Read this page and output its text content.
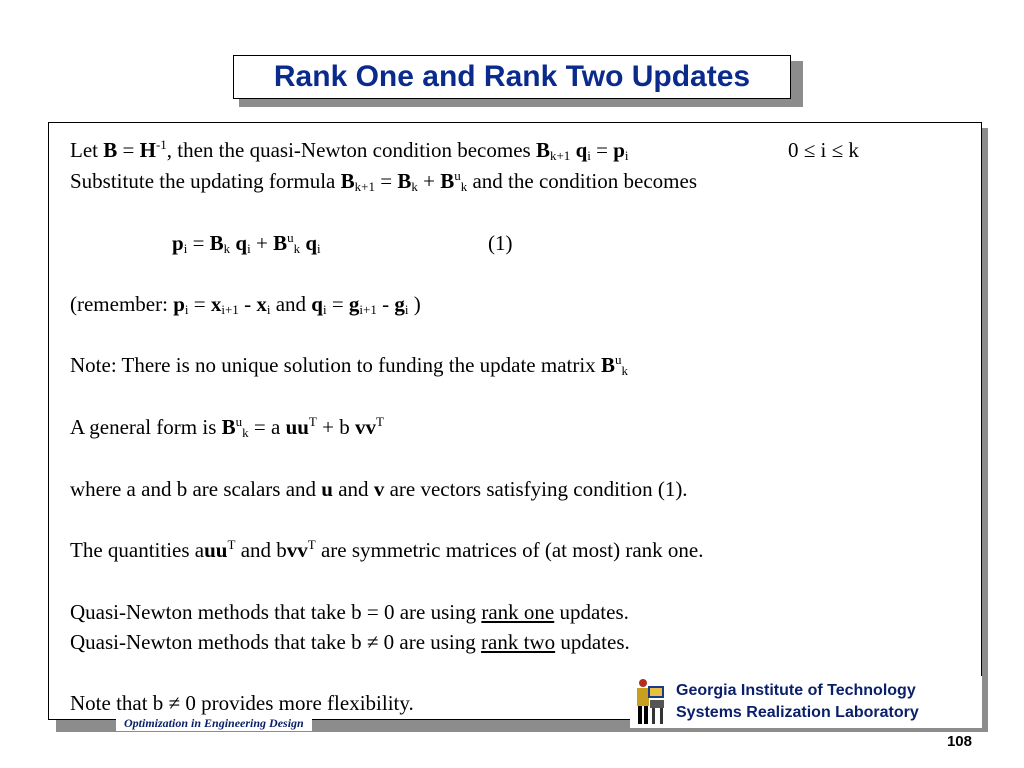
Rank One and Rank Two Updates
Let $B = H^{-1}$, then the quasi-Newton condition becomes $B_{k+1}$ $q_i = p_i$	0 ≤ i ≤ k
Substitute the updating formula $B_{k+1} = B_k + B^u_k$ and the condition becomes
$p_i = B_k$ $q_i + B^u_k$ $q_i$	(1)
(remember: $p_i = x_{i+1} - x_i$ and $q_i = g_{i+1} - g_i$ )
Note: There is no unique solution to funding the update matrix $B^u_k$
A general form is $B^u_k = a$ $uu^T + b$ $vv^T$
where a and b are scalars and u and v are vectors satisfying condition (1).
The quantities auu$^T$ and bvv$^T$ are symmetric matrices of (at most) rank one.
Quasi-Newton methods that take b = 0 are using rank one updates.
Quasi-Newton methods that take b ≠ 0 are using rank two updates.
Note that b ≠ 0 provides more flexibility.
Optimization in Engineering Design
Georgia Institute of Technology
Systems Realization Laboratory
108
